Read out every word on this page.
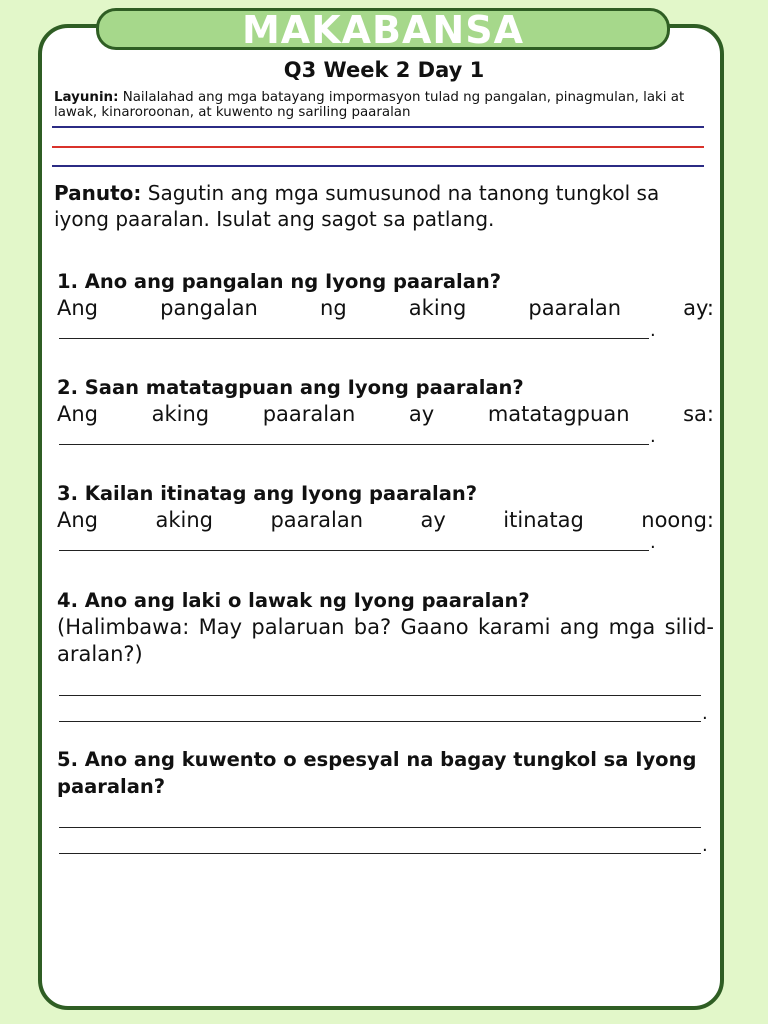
MAKABANSA
Q3 Week 2 Day 1
Layunin: Nailalahad ang mga batayang impormasyon tulad ng pangalan, pinagmulan, laki at lawak, kinaroroonan, at kuwento ng sariling paaralan
Panuto: Sagutin ang mga sumusunod na tanong tungkol sa iyong paaralan. Isulat ang sagot sa patlang.
1. Ano ang pangalan ng Iyong paaralan?
Ang pangalan ng aking paaralan ay:
.
2. Saan matatagpuan ang Iyong paaralan?
Ang aking paaralan ay matatagpuan sa:
.
3. Kailan itinatag ang Iyong paaralan?
Ang aking paaralan ay itinatag noong:
.
4. Ano ang laki o lawak ng Iyong paaralan?
(Halimbawa: May palaruan ba? Gaano karami ang mga silid-aralan?)
.
5. Ano ang kuwento o espesyal na bagay tungkol sa Iyong paaralan?
.
